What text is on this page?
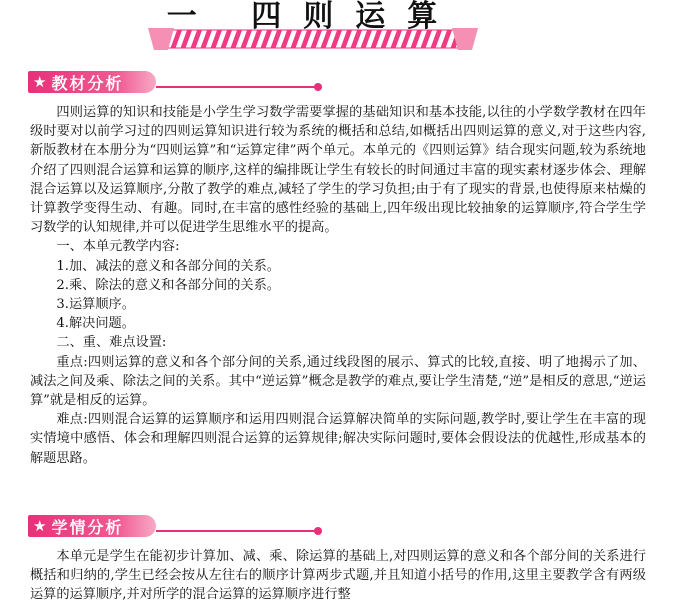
一 四则运算
★ 教材分析

四则运算的知识和技能是小学生学习数学需要掌握的基础知识和基本技能,以往的小学数学教材在四年级时要对以前学习过的四则运算知识进行较为系统的概括和总结,如概括出四则运算的意义,对于这些内容,新版教材在本册分为“四则运算”和“运算定律”两个单元。本单元的《四则运算》结合现实问题,较为系统地介绍了四则混合运算和运算的顺序,这样的编排既让学生有较长的时间通过丰富的现实素材逐步体会、理解混合运算以及运算顺序,分散了教学的难点,减轻了学生的学习负担;由于有了现实的背景,也使得原来枯燥的计算教学变得生动、有趣。同时,在丰富的感性经验的基础上,四年级出现比较抽象的运算顺序,符合学生学习数学的认知规律,并可以促进学生思维水平的提高。

一、本单元教学内容:

1.加、减法的意义和各部分间的关系。

2.乘、除法的意义和各部分间的关系。

3.运算顺序。

4.解决问题。

二、重、难点设置:

重点:四则运算的意义和各个部分间的关系,通过线段图的展示、算式的比较,直接、明了地揭示了加、减法之间及乘、除法之间的关系。其中“逆运算”概念是教学的难点,要让学生清楚,“逆”是相反的意思,“逆运算”就是相反的运算。

难点:四则混合运算的运算顺序和运用四则混合运算解决简单的实际问题,教学时,要让学生在丰富的现实情境中感悟、体会和理解四则混合运算的运算规律;解决实际问题时,要体会假设法的优越性,形成基本的解题思路。

★ 学情分析

本单元是学生在能初步计算加、减、乘、除运算的基础上,对四则运算的意义和各个部分间的关系进行概括和归纳的,学生已经会按从左往右的顺序计算两步式题,并且知道小括号的作用,这里主要教学含有两级运算的运算顺序,并对所学的混合运算的运算顺序进行整
